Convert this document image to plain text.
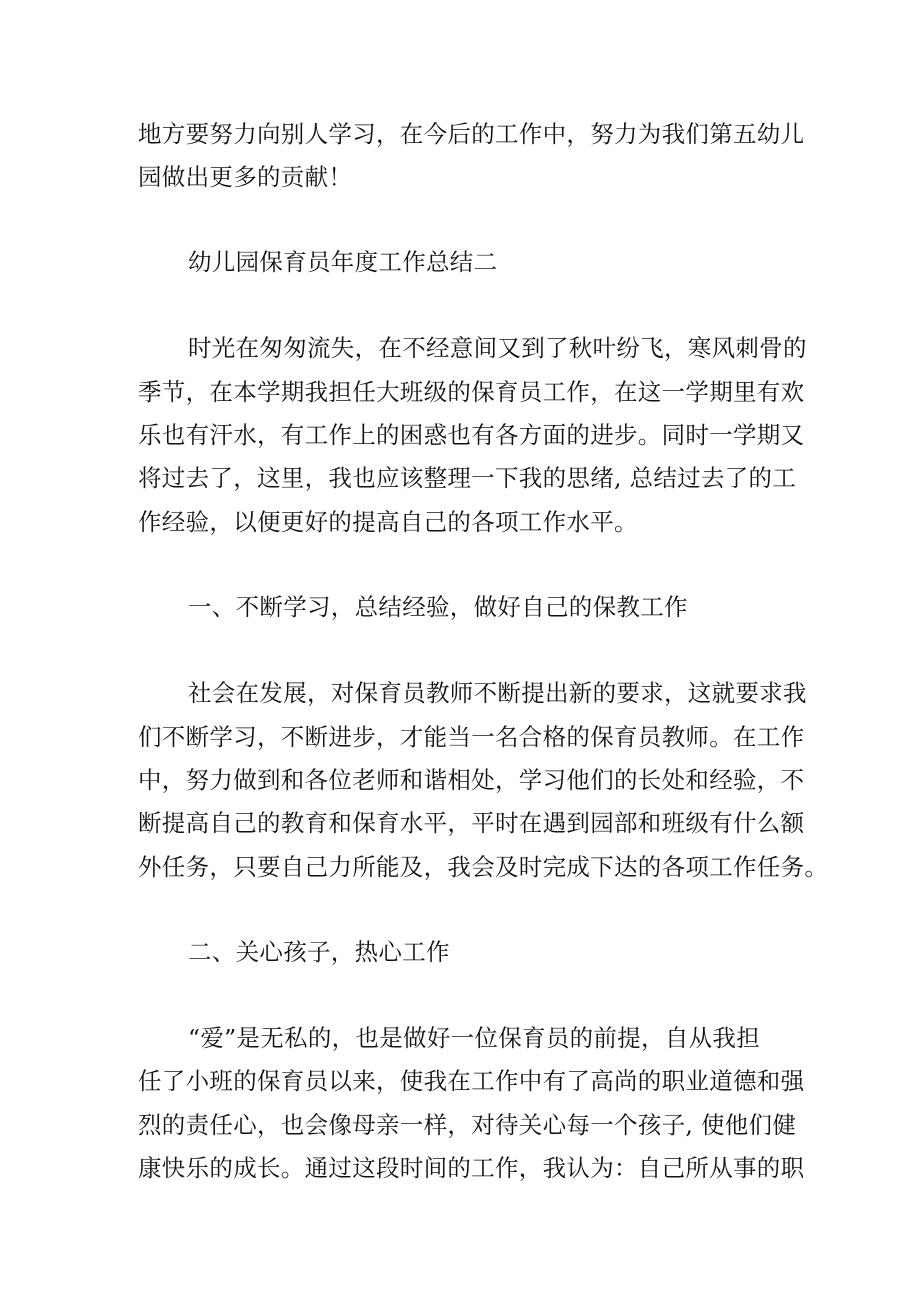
地方要努力向别人学习，在今后的工作中，努力为我们第五幼儿
园做出更多的贡献！
幼儿园保育员年度工作总结二
时光在匆匆流失，在不经意间又到了秋叶纷飞，寒风刺骨的
季节，在本学期我担任大班级的保育员工作，在这一学期里有欢
乐也有汗水，有工作上的困惑也有各方面的进步。同时一学期又
将过去了，这里，我也应该整理一下我的思绪, 总结过去了的工
作经验，以便更好的提高自己的各项工作水平。
一、不断学习，总结经验，做好自己的保教工作
社会在发展，对保育员教师不断提出新的要求，这就要求我
们不断学习，不断进步，才能当一名合格的保育员教师。在工作
中，努力做到和各位老师和谐相处，学习他们的长处和经验，不
断提高自己的教育和保育水平，平时在遇到园部和班级有什么额
外任务，只要自己力所能及，我会及时完成下达的各项工作任务。
二、关心孩子，热心工作
“爱”是无私的，也是做好一位保育员的前提，自从我担
任了小班的保育员以来，使我在工作中有了高尚的职业道德和强
烈的责任心，也会像母亲一样，对待关心每一个孩子, 使他们健
康快乐的成长。通过这段时间的工作，我认为：自己所从事的职
